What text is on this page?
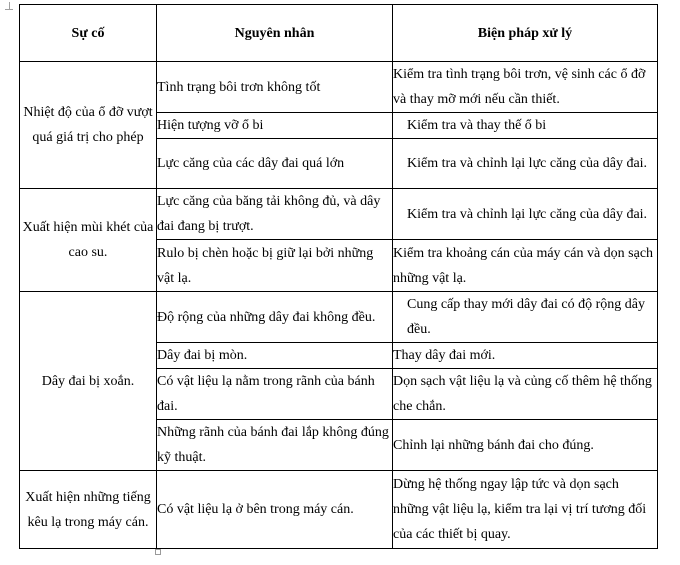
Sự cố	Nguyên nhân	Biện pháp xử lý
Nhiệt độ của ổ đỡ vượt quá giá trị cho phép	Tình trạng bôi trơn không tốt	Kiểm tra tình trạng bôi trơn, vệ sinh các ổ đỡ và thay mỡ mới nếu cần thiết.
	Hiện tượng vỡ ổ bi	Kiểm tra và thay thế ổ bi
	Lực căng của các dây đai quá lớn	Kiểm tra và chỉnh lại lực căng của dây đai.
Xuất hiện mùi khét của cao su.	Lực căng của băng tải không đủ, và dây đai đang bị trượt.	Kiểm tra và chỉnh lại lực căng của dây đai.
	Rulo bị chèn hoặc bị giữ lại bởi những vật lạ.	Kiểm tra khoảng cán của máy cán và dọn sạch những vật lạ.
Dây đai bị xoắn.	Độ rộng của những dây đai không đều.	Cung cấp thay mới dây đai có độ rộng dây đều.
	Dây đai bị mòn.	Thay dây đai mới.
	Có vật liệu lạ nằm trong rãnh của bánh đai.	Dọn sạch vật liệu lạ và củng cố thêm hệ thống che chắn.
	Những rãnh của bánh đai lắp không đúng kỹ thuật.	Chỉnh lại những bánh đai cho đúng.
Xuất hiện những tiếng kêu lạ trong máy cán.	Có vật liệu lạ ở bên trong máy cán.	Dừng hệ thống ngay lập tức và dọn sạch những vật liệu lạ, kiểm tra lại vị trí tương đối của các thiết bị quay.
